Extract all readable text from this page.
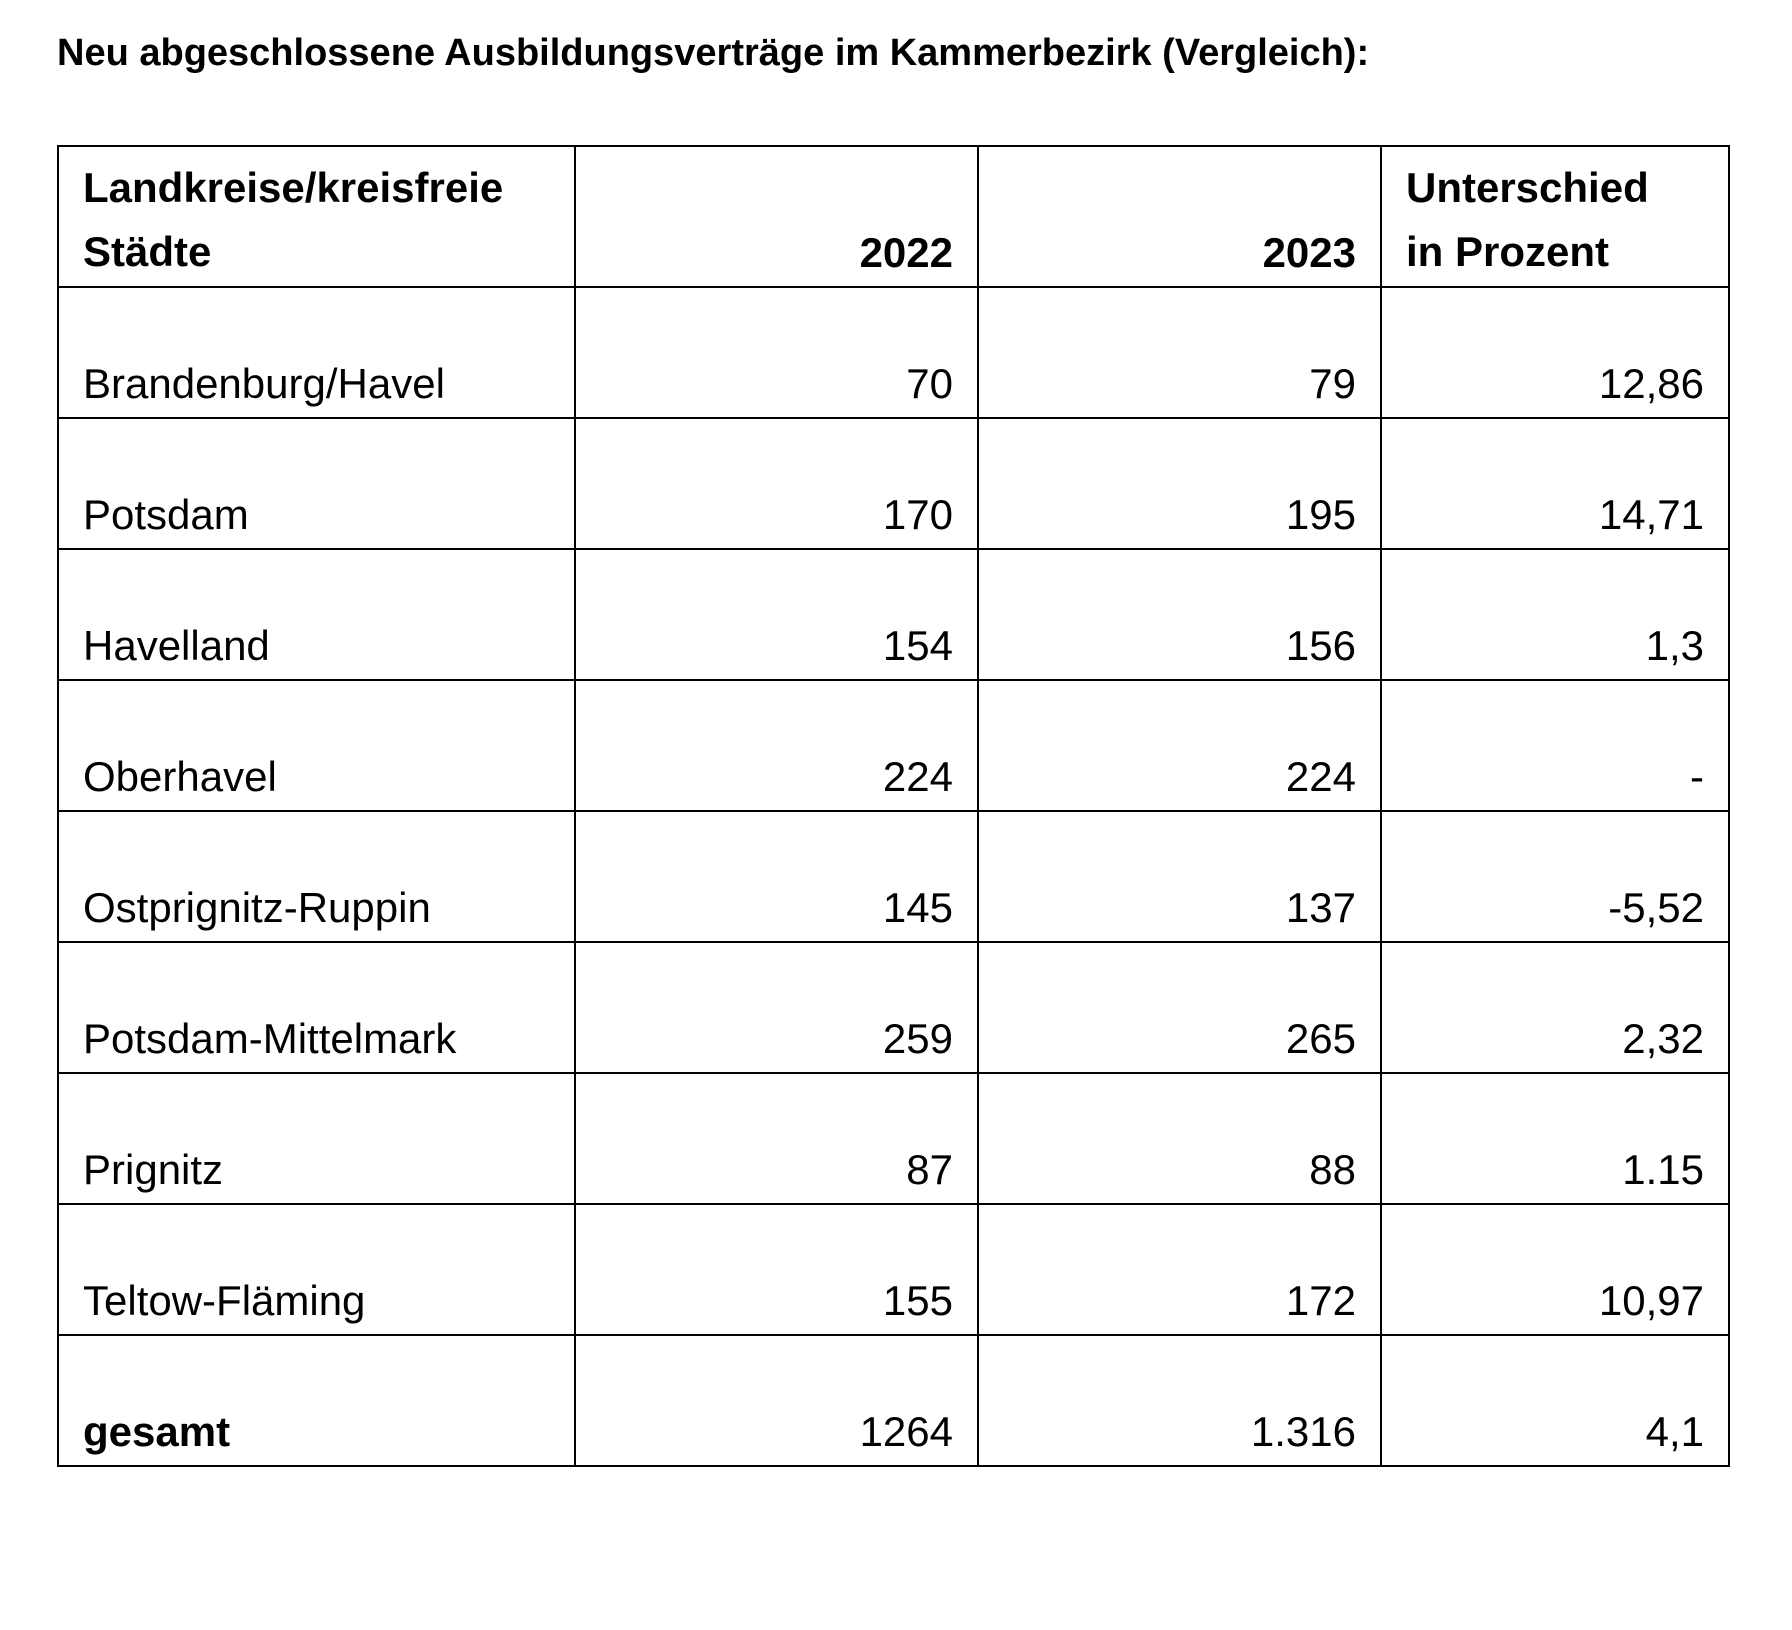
Neu abgeschlossene Ausbildungsverträge im Kammerbezirk (Vergleich):
Landkreise/kreisfreie
Städte	2022	2023	Unterschied
in Prozent

Brandenburg/Havel	70	79	12,86
Potsdam	170	195	14,71
Havelland	154	156	1,3
Oberhavel	224	224	-
Ostprignitz-Ruppin	145	137	-5,52
Potsdam-Mittelmark	259	265	2,32
Prignitz	87	88	1.15
Teltow-Fläming	155	172	10,97
gesamt	1264	1.316	4,1
